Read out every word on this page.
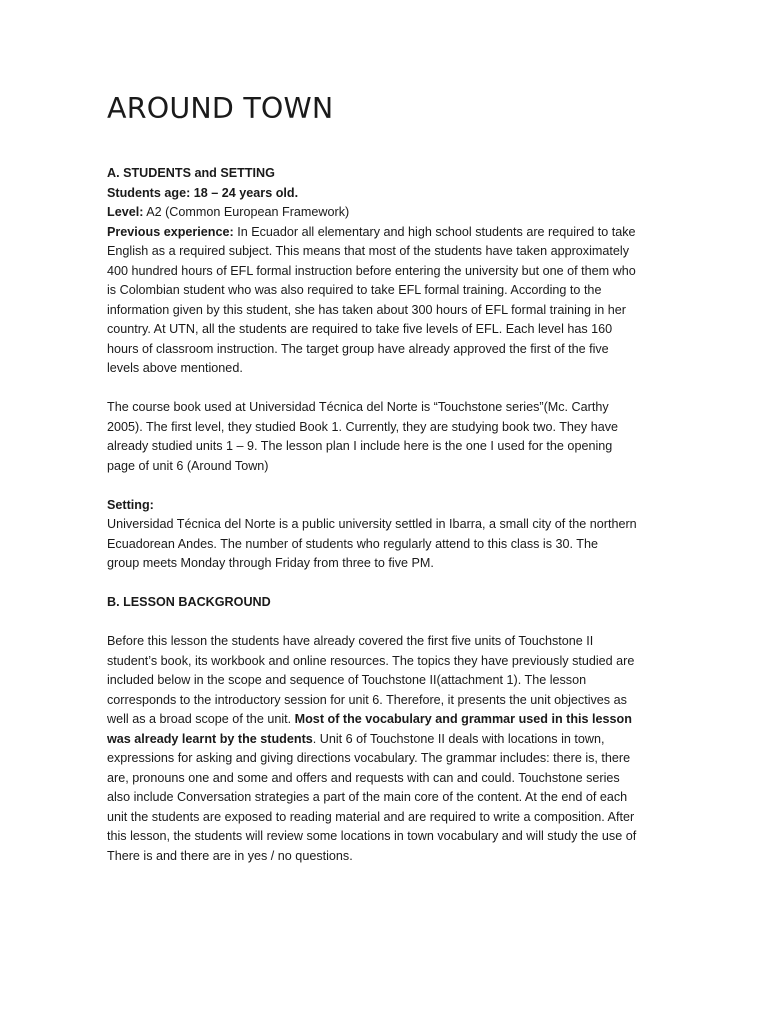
AROUND TOWN
A. STUDENTS and SETTING
Students age: 18 – 24 years old.
Level: A2 (Common European Framework)
Previous experience: In Ecuador all elementary and high school students are required to take
English as a required subject. This means that most of the students have taken approximately
400 hundred hours of EFL formal instruction before entering the university but one of them who
is Colombian student who was also required to take EFL formal training. According to the
information given by this student, she has taken about 300 hours of EFL formal training in her
country. At UTN, all the students are required to take five levels of EFL. Each level has 160
hours of classroom instruction. The target group have already approved the first of the five
levels above mentioned.
The course book used at Universidad Técnica del Norte is “Touchstone series”(Mc. Carthy
2005). The first level, they studied Book 1. Currently, they are studying book two. They have
already studied units 1 – 9. The lesson plan I include here is the one I used for the opening
page of unit 6 (Around Town)
Setting:
Universidad Técnica del Norte is a public university settled in Ibarra, a small city of the northern
Ecuadorean Andes. The number of students who regularly attend to this class is 30. The
group meets Monday through Friday from three to five PM.
B. LESSON BACKGROUND
Before this lesson the students have already covered the first five units of Touchstone II
student’s book, its workbook and online resources. The topics they have previously studied are
included below in the scope and sequence of Touchstone II(attachment 1). The lesson
corresponds to the introductory session for unit 6. Therefore, it presents the unit objectives as
well as a broad scope of the unit. Most of the vocabulary and grammar used in this lesson
was already learnt by the students. Unit 6 of Touchstone II deals with locations in town,
expressions for asking and giving directions vocabulary. The grammar includes: there is, there
are, pronouns one and some and offers and requests with can and could. Touchstone series
also include Conversation strategies a part of the main core of the content. At the end of each
unit the students are exposed to reading material and are required to write a composition. After
this lesson, the students will review some locations in town vocabulary and will study the use of
There is and there are in yes / no questions.
